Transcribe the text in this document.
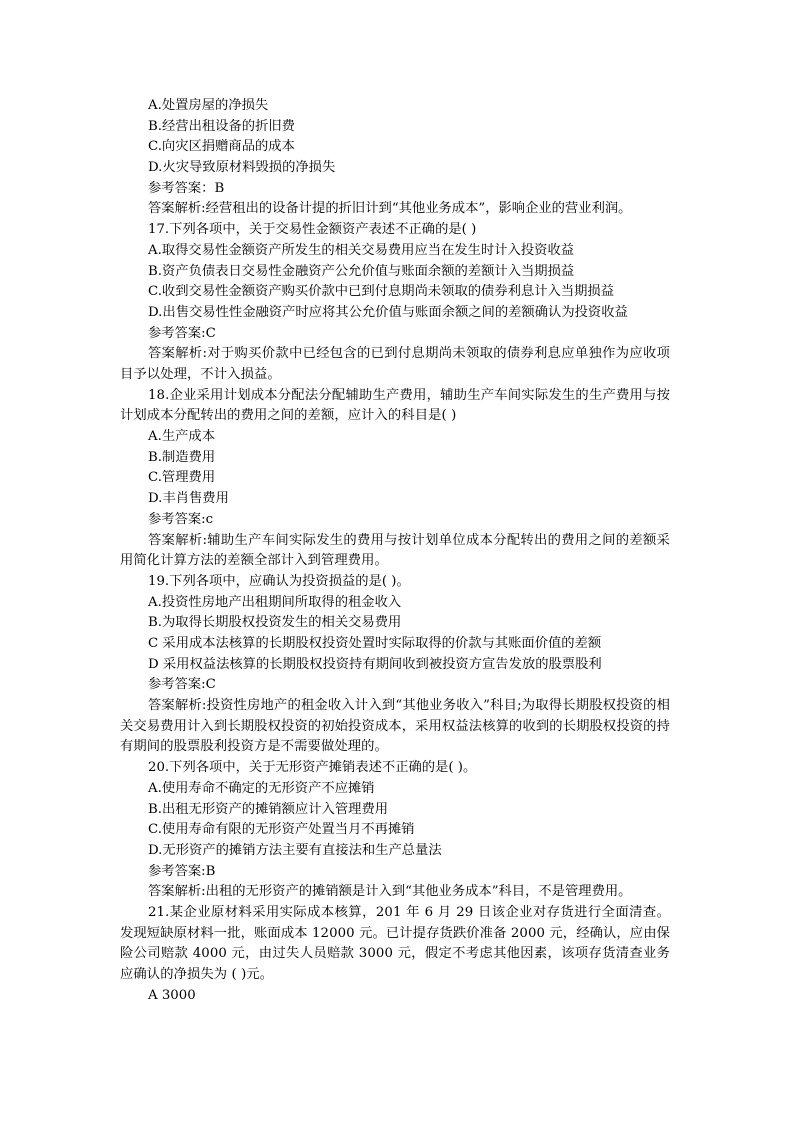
A.处置房屋的净损失
B.经营出租设备的折旧费
C.向灾区捐赠商品的成本
D.火灾导致原材料毁损的净损失
参考答案：B
答案解析:经营租出的设备计提的折旧计到“其他业务成本”，影响企业的营业利润。
17.下列各项中，关于交易性金额资产表述不正确的是( )
A.取得交易性金额资产所发生的相关交易费用应当在发生时计入投资收益
B.资产负债表日交易性金融资产公允价值与账面余额的差额计入当期损益
C.收到交易性金额资产购买价款中已到付息期尚未领取的债券利息计入当期损益
D.出售交易性性金融资产时应将其公允价值与账面余额之间的差额确认为投资收益
参考答案:C
答案解析:对于购买价款中已经包含的已到付息期尚未领取的债券利息应单独作为应收项目予以处理，不计入损益。
18.企业采用计划成本分配法分配辅助生产费用，辅助生产车间实际发生的生产费用与按计划成本分配转出的费用之间的差额，应计入的科目是( )
A.生产成本
B.制造费用
C.管理费用
D.丰肖售费用
参考答案:c
答案解析:辅助生产车间实际发生的费用与按计划单位成本分配转出的费用之间的差额采用简化计算方法的差额全部计入到管理费用。
19.下列各项中，应确认为投资损益的是( )。
A.投资性房地产出租期间所取得的租金收入
B.为取得长期股权投资发生的相关交易费用
C 采用成本法核算的长期股权投资处置时实际取得的价款与其账面价值的差额
D 采用权益法核算的长期股权投资持有期间收到被投资方宣告发放的股票股利
参考答案:C
答案解析:投资性房地产的租金收入计入到“其他业务收入”科目;为取得长期股权投资的相关交易费用计入到长期股权投资的初始投资成本，采用权益法核算的收到的长期股权投资的持有期间的股票股利投资方是不需要做处理的。
20.下列各项中，关于无形资产摊销表述不正确的是( )。
A.使用寿命不确定的无形资产不应摊销
B.出租无形资产的摊销额应计入管理费用
C.使用寿命有限的无形资产处置当月不再摊销
D.无形资产的摊销方法主要有直接法和生产总量法
参考答案:B
答案解析:出租的无形资产的摊销额是计入到“其他业务成本”科目，不是管理费用。
21.某企业原材料采用实际成本核算，201 年 6 月 29 日该企业对存货进行全面清查。发现短缺原材料一批，账面成本 12000 元。已计提存货跌价准备 2000 元，经确认，应由保险公司赔款 4000 元，由过失人员赔款 3000 元，假定不考虑其他因素，该项存货清查业务应确认的净损失为 ( )元。
A 3000
